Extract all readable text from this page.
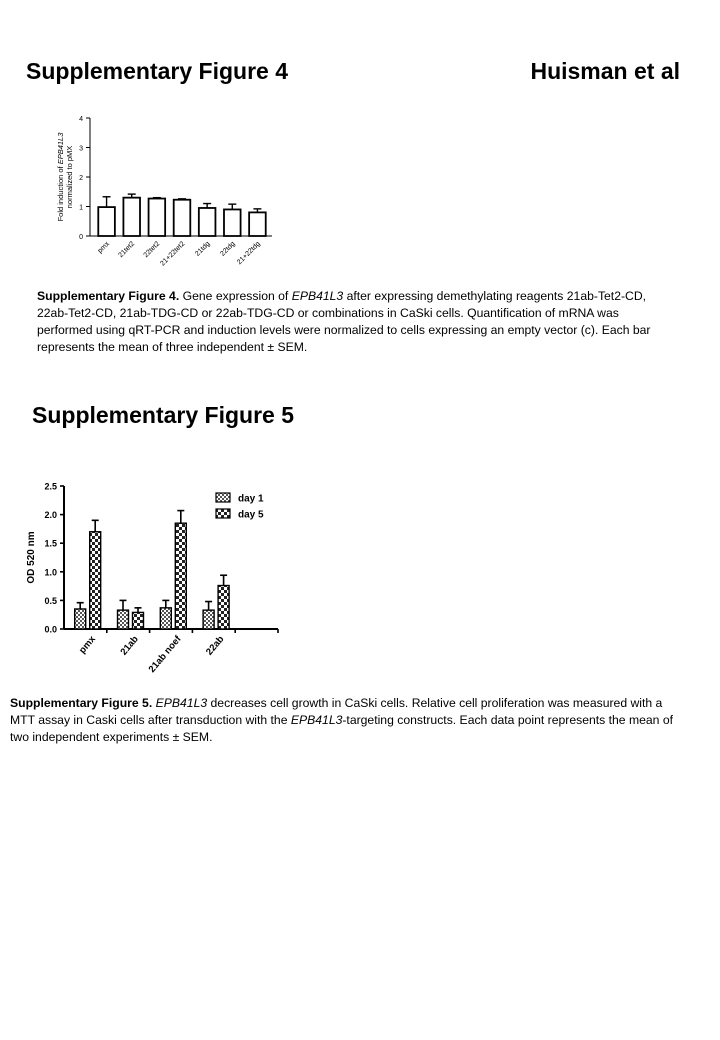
Supplementary Figure 4	Huisman et al
0
1
2
3
4
Fold induction of EPB41L3 normalized to pMX
pmx 21tet2 22tet2
21+22tet2 21tdg 22tdg 21+22tdg
Supplementary Figure 4. Gene expression of EPB41L3 after expressing demethylating reagents 21ab-Tet2-CD, 22ab-Tet2-CD, 21ab-TDG-CD or 22ab-TDG-CD or combinations in CaSki cells. Quantification of mRNA was performed using qRT-PCR and induction levels were normalized to cells expressing an empty vector (c). Each bar represents the mean of three independent ± SEM.
Supplementary Figure 5
0.0
0.5
1.0
1.5
2.0
2.5
OD 520 nm
pmx 21ab 21ab noef 22ab
day 1
day 5
Supplementary Figure 5. EPB41L3 decreases cell growth in CaSki cells. Relative cell proliferation was measured with a MTT assay in Caski cells after transduction with the EPB41L3-targeting constructs. Each data point represents the mean of two independent experiments ± SEM.
